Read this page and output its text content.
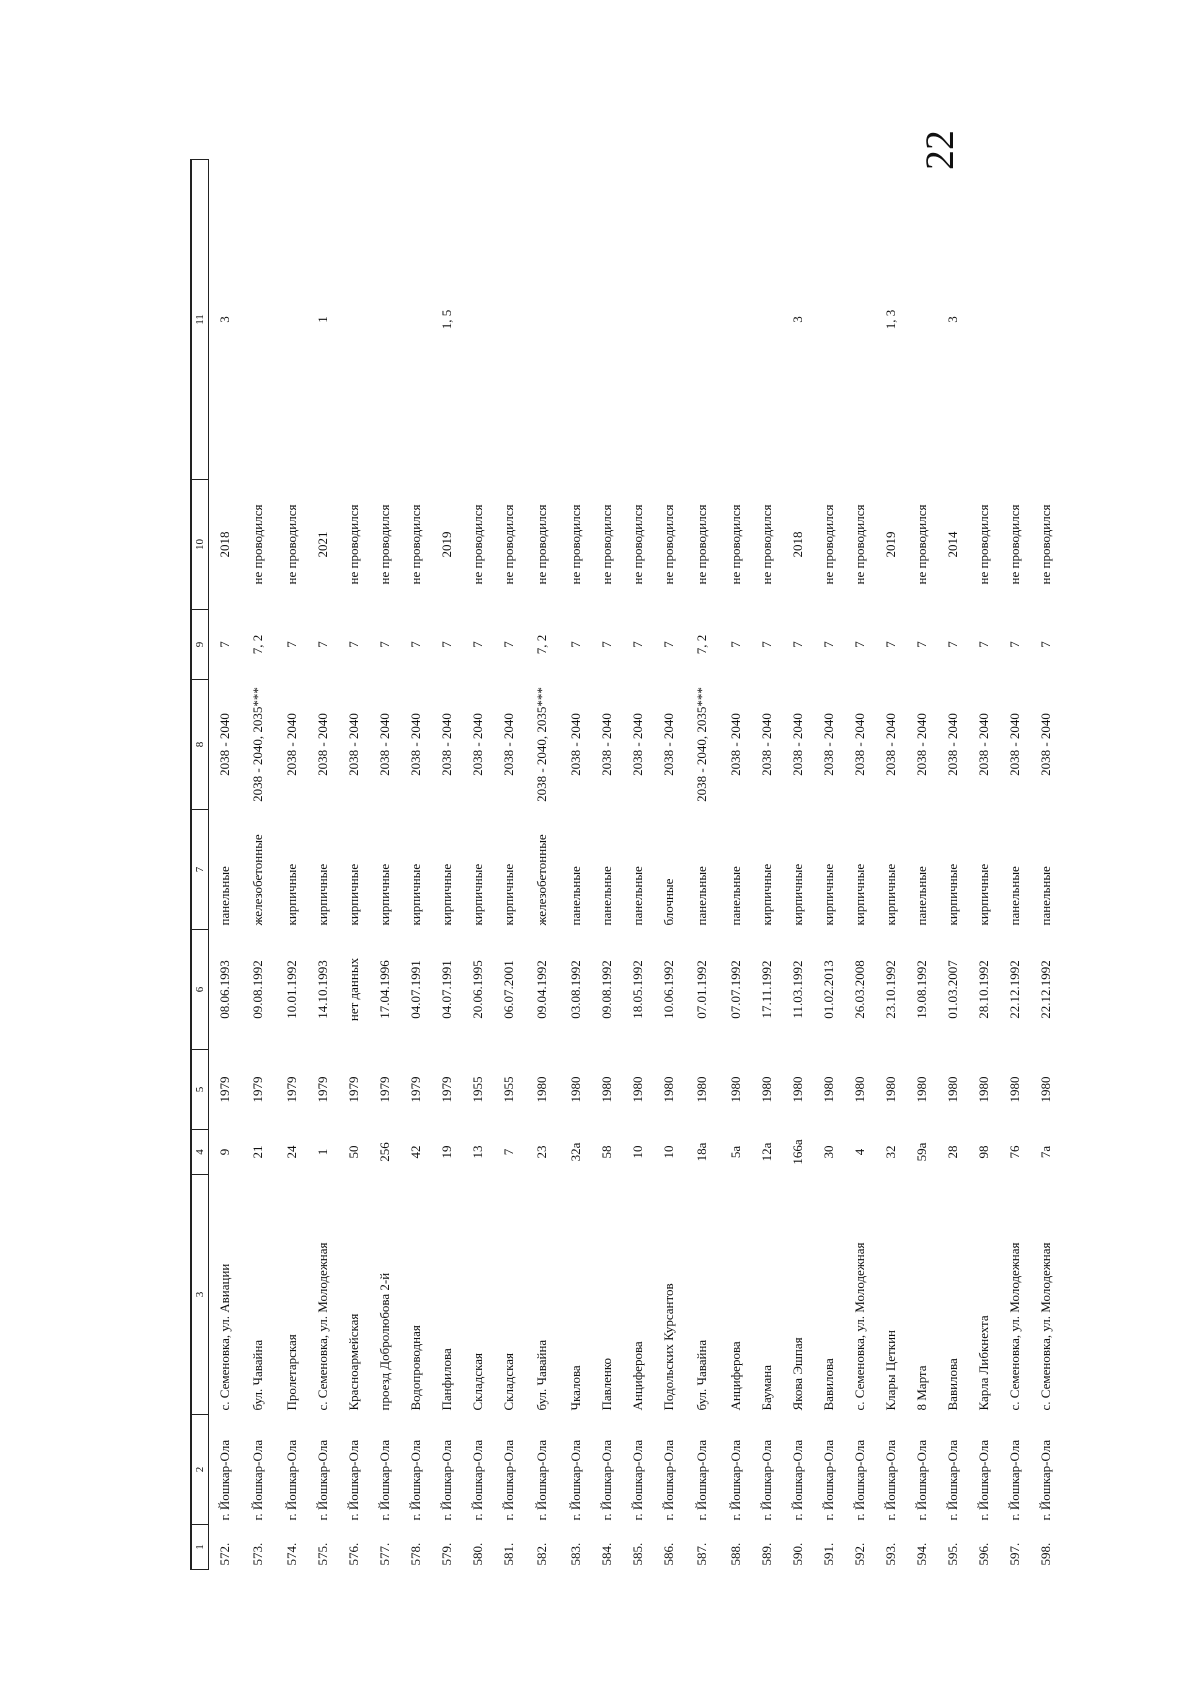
22
1	2	3	4	5	6	7	8	9	10	11
572.	г. Йошкар-Ола	с. Семеновка, ул. Авиации	9	1979	08.06.1993	панельные	2038 - 2040	7	2018	3
573.	г. Йошкар-Ола	бул. Чавайна	21	1979	09.08.1992	железобетонные	2038 - 2040, 2035***	7, 2	не проводился	
574.	г. Йошкар-Ола	Пролетарская	24	1979	10.01.1992	кирпичные	2038 - 2040	7	не проводился	
575.	г. Йошкар-Ола	с. Семеновка, ул. Молодежная	1	1979	14.10.1993	кирпичные	2038 - 2040	7	2021	1
576.	г. Йошкар-Ола	Красноармейская	50	1979	нет данных	кирпичные	2038 - 2040	7	не проводился	
577.	г. Йошкар-Ола	проезд Добролюбова 2-й	256	1979	17.04.1996	кирпичные	2038 - 2040	7	не проводился	
578.	г. Йошкар-Ола	Водопроводная	42	1979	04.07.1991	кирпичные	2038 - 2040	7	не проводился	
579.	г. Йошкар-Ола	Панфилова	19	1979	04.07.1991	кирпичные	2038 - 2040	7	2019	1, 5
580.	г. Йошкар-Ола	Складская	13	1955	20.06.1995	кирпичные	2038 - 2040	7	не проводился	
581.	г. Йошкар-Ола	Складская	7	1955	06.07.2001	кирпичные	2038 - 2040	7	не проводился	
582.	г. Йошкар-Ола	бул. Чавайна	23	1980	09.04.1992	железобетонные	2038 - 2040, 2035***	7, 2	не проводился	
583.	г. Йошкар-Ола	Чкалова	32а	1980	03.08.1992	панельные	2038 - 2040	7	не проводился	
584.	г. Йошкар-Ола	Павленко	58	1980	09.08.1992	панельные	2038 - 2040	7	не проводился	
585.	г. Йошкар-Ола	Анциферова	10	1980	18.05.1992	панельные	2038 - 2040	7	не проводился	
586.	г. Йошкар-Ола	Подольских Курсантов	10	1980	10.06.1992	блочные	2038 - 2040	7	не проводился	
587.	г. Йошкар-Ола	бул. Чавайна	18а	1980	07.01.1992	панельные	2038 - 2040, 2035***	7, 2	не проводился	
588.	г. Йошкар-Ола	Анциферова	5а	1980	07.07.1992	панельные	2038 - 2040	7	не проводился	
589.	г. Йошкар-Ола	Баумана	12а	1980	17.11.1992	кирпичные	2038 - 2040	7	не проводился	
590.	г. Йошкар-Ола	Якова Эшпая	166а	1980	11.03.1992	кирпичные	2038 - 2040	7	2018	3
591.	г. Йошкар-Ола	Вавилова	30	1980	01.02.2013	кирпичные	2038 - 2040	7	не проводился	
592.	г. Йошкар-Ола	с. Семеновка, ул. Молодежная	4	1980	26.03.2008	кирпичные	2038 - 2040	7	не проводился	
593.	г. Йошкар-Ола	Клары Цеткин	32	1980	23.10.1992	кирпичные	2038 - 2040	7	2019	1, 3
594.	г. Йошкар-Ола	8 Марта	59а	1980	19.08.1992	панельные	2038 - 2040	7	не проводился	
595.	г. Йошкар-Ола	Вавилова	28	1980	01.03.2007	кирпичные	2038 - 2040	7	2014	3
596.	г. Йошкар-Ола	Карла Либкнехта	98	1980	28.10.1992	кирпичные	2038 - 2040	7	не проводился	
597.	г. Йошкар-Ола	с. Семеновка, ул. Молодежная	76	1980	22.12.1992	панельные	2038 - 2040	7	не проводился	
598.	г. Йошкар-Ола	с. Семеновка, ул. Молодежная	7а	1980	22.12.1992	панельные	2038 - 2040	7	не проводился	
